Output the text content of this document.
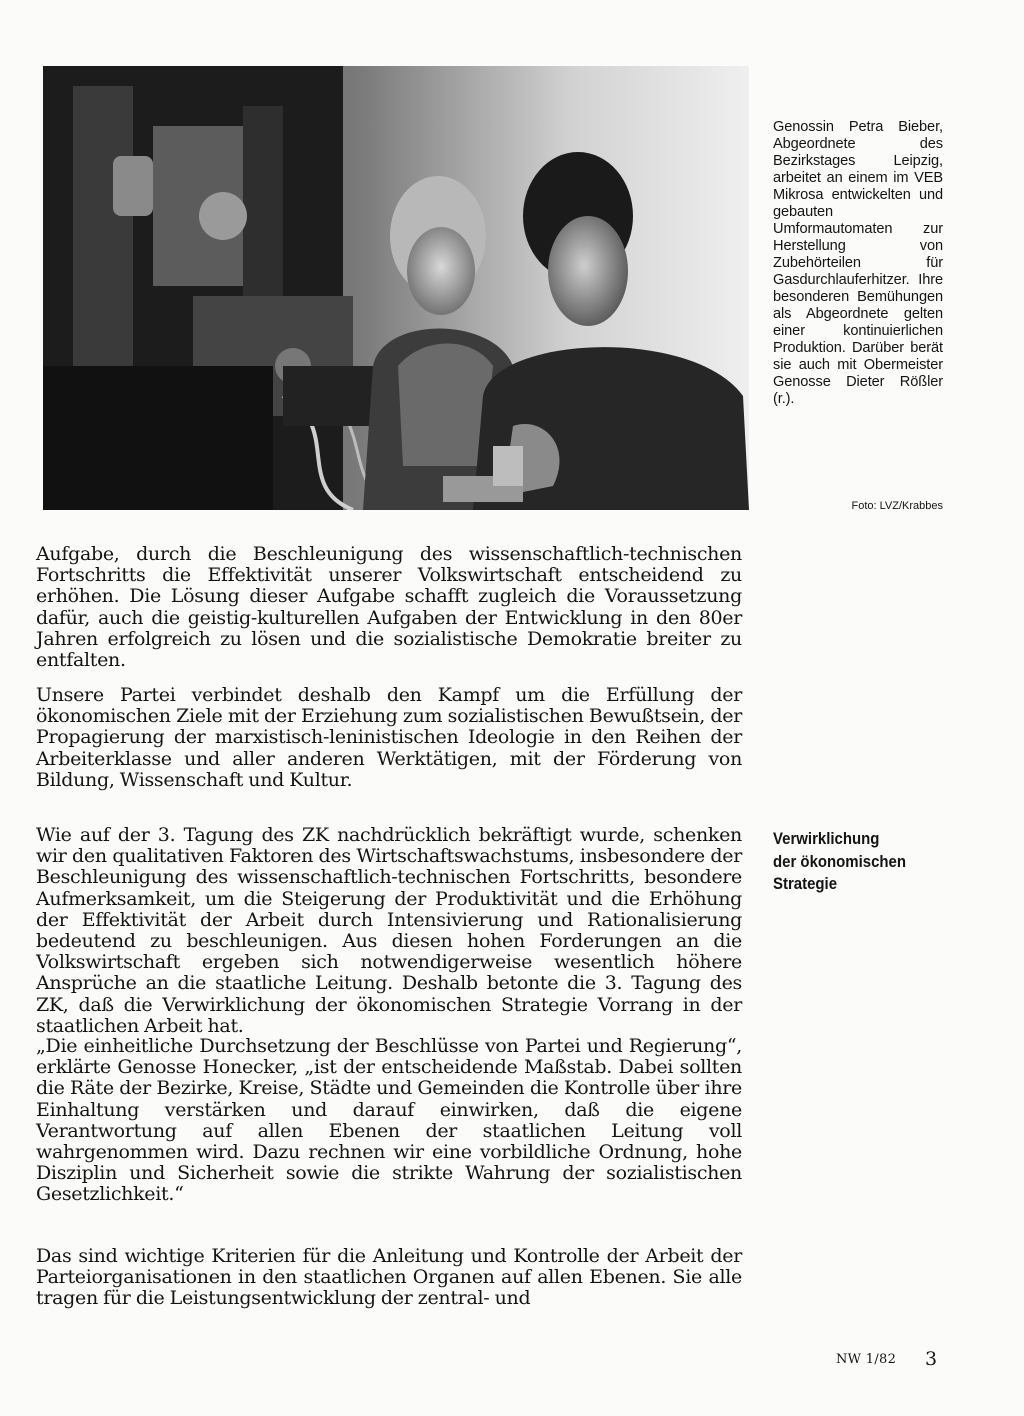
Genossin Petra Bieber, Abgeordnete des Bezirkstages Leipzig, arbeitet an einem im VEB Mikrosa entwickelten und gebauten Umformautomaten zur Herstellung von Zubehörteilen für Gasdurchlauferhitzer. Ihre besonderen Bemühungen als Abgeordnete gelten einer kontinuierlichen Produktion. Darüber berät sie auch mit Obermeister Genosse Dieter Rößler (r.).
Foto: LVZ/Krabbes

Aufgabe, durch die Beschleunigung des wissenschaftlich-technischen Fortschritts die Effektivität unserer Volkswirtschaft entscheidend zu erhöhen. Die Lösung dieser Aufgabe schafft zugleich die Voraussetzung dafür, auch die geistig-kulturellen Aufgaben der Entwicklung in den 80er Jahren erfolgreich zu lösen und die sozialistische Demokratie breiter zu entfalten.

Unsere Partei verbindet deshalb den Kampf um die Erfüllung der ökonomischen Ziele mit der Erziehung zum sozialistischen Bewußtsein, der Propagierung der marxistisch-leninistischen Ideologie in den Reihen der Arbeiterklasse und aller anderen Werktätigen, mit der Förderung von Bildung, Wissenschaft und Kultur.

Wie auf der 3. Tagung des ZK nachdrücklich bekräftigt wurde, schenken wir den qualitativen Faktoren des Wirtschaftswachstums, insbesondere der Beschleunigung des wissenschaftlich-technischen Fortschritts, besondere Aufmerksamkeit, um die Steigerung der Produktivität und die Erhöhung der Effektivität der Arbeit durch Intensivierung und Rationalisierung bedeutend zu beschleunigen. Aus diesen hohen Forderungen an die Volkswirtschaft ergeben sich notwendigerweise wesentlich höhere Ansprüche an die staatliche Leitung. Deshalb betonte die 3. Tagung des ZK, daß die Verwirklichung der ökonomischen Strategie Vorrang in der staatlichen Arbeit hat.

„Die einheitliche Durchsetzung der Beschlüsse von Partei und Regierung“, erklärte Genosse Honecker, „ist der entscheidende Maßstab. Dabei sollten die Räte der Bezirke, Kreise, Städte und Gemeinden die Kontrolle über ihre Einhaltung verstärken und darauf einwirken, daß die eigene Verantwortung auf allen Ebenen der staatlichen Leitung voll wahrgenommen wird. Dazu rechnen wir eine vorbildliche Ordnung, hohe Disziplin und Sicherheit sowie die strikte Wahrung der sozialistischen Gesetzlichkeit.“

Das sind wichtige Kriterien für die Anleitung und Kontrolle der Arbeit der Parteiorganisationen in den staatlichen Organen auf allen Ebenen. Sie alle tragen für die Leistungsentwicklung der zentral- und

Verwirklichung
der ökonomischen
Strategie
NW 1/82 3
